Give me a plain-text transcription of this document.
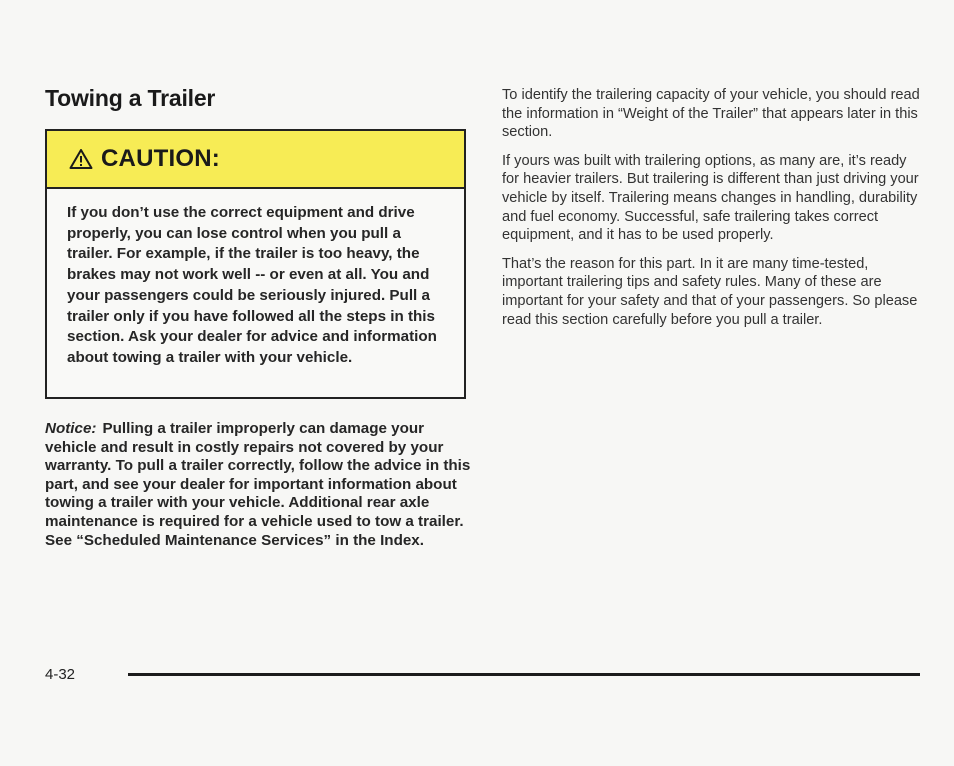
Towing a Trailer
CAUTION:
If you don’t use the correct equipment and drive properly, you can lose control when you pull a trailer. For example, if the trailer is too heavy, the brakes may not work well -- or even at all. You and your passengers could be seriously injured. Pull a trailer only if you have followed all the steps in this section. Ask your dealer for advice and information about towing a trailer with your vehicle.
Notice: Pulling a trailer improperly can damage your vehicle and result in costly repairs not covered by your warranty. To pull a trailer correctly, follow the advice in this part, and see your dealer for important information about towing a trailer with your vehicle. Additional rear axle maintenance is required for a vehicle used to tow a trailer. See “Scheduled Maintenance Services” in the Index.

To identify the trailering capacity of your vehicle, you should read the information in “Weight of the Trailer” that appears later in this section.

If yours was built with trailering options, as many are, it’s ready for heavier trailers. But trailering is different than just driving your vehicle by itself. Trailering means changes in handling, durability and fuel economy. Successful, safe trailering takes correct equipment, and it has to be used properly.

That’s the reason for this part. In it are many time-tested, important trailering tips and safety rules. Many of these are important for your safety and that of your passengers. So please read this section carefully before you pull a trailer.

4-32
